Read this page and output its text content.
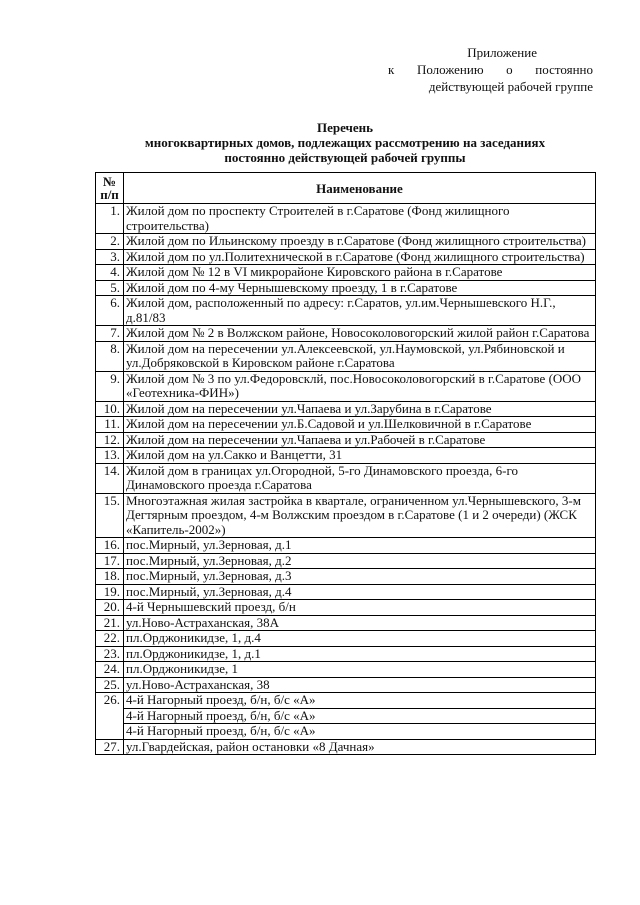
Приложение
к Положению о постоянно
действующей рабочей группе
Перечень
многоквартирных домов, подлежащих рассмотрению на заседаниях
постоянно действующей рабочей группы
№
п/п	Наименование
1.	Жилой дом по проспекту Строителей в г.Саратове (Фонд жилищного строительства)
2.	Жилой дом по Ильинскому проезду в г.Саратове (Фонд жилищного строительства)
3.	Жилой дом по ул.Политехнической в г.Саратове (Фонд жилищного строительства)
4.	Жилой дом № 12 в VI микрорайоне Кировского района в г.Саратове
5.	Жилой дом по 4-му Чернышевскому проезду, 1 в г.Саратове
6.	Жилой дом, расположенный по адресу: г.Саратов, ул.им.Чернышевского Н.Г., д.81/83
7.	Жилой дом № 2 в Волжском районе, Новосоколовогорский жилой район г.Саратова
8.	Жилой дом на пересечении ул.Алексеевской, ул.Наумовской, ул.Рябиновской и ул.Добряковской в Кировском районе г.Саратова
9.	Жилой дом № 3 по ул.Федоровсклй, пос.Новосоколовогорский в г.Саратове (ООО «Геотехника-ФИН»)
10.	Жилой дом на пересечении ул.Чапаева и ул.Зарубина в г.Саратове
11.	Жилой дом на пересечении ул.Б.Садовой и ул.Шелковичной в г.Саратове
12.	Жилой дом на пересечении ул.Чапаева и ул.Рабочей в г.Саратове
13.	Жилой дом на ул.Сакко и Ванцетти, 31
14.	Жилой дом в границах ул.Огородной, 5-го Динамовского проезда, 6-го Динамовского проезда г.Саратова
15.	Многоэтажная жилая застройка в квартале, ограниченном ул.Чернышевского, 3-м Дегтярным проездом, 4-м Волжским проездом в г.Саратове (1 и 2 очереди) (ЖСК «Капитель-2002»)
16.	пос.Мирный, ул.Зерновая, д.1
17.	пос.Мирный, ул.Зерновая, д.2
18.	пос.Мирный, ул.Зерновая, д.3
19.	пос.Мирный, ул.Зерновая, д.4
20.	4-й Чернышевский проезд, б/н
21.	ул.Ново-Астраханская, 38А
22.	пл.Орджоникидзе, 1, д.4
23.	пл.Орджоникидзе, 1, д.1
24.	пл.Орджоникидзе, 1
25.	ул.Ново-Астраханская, 38
26.	4-й Нагорный проезд, б/н, б/с «А»
	4-й Нагорный проезд, б/н, б/с «А»
	4-й Нагорный проезд, б/н, б/с «А»
27.	ул.Гвардейская, район остановки «8 Дачная»
